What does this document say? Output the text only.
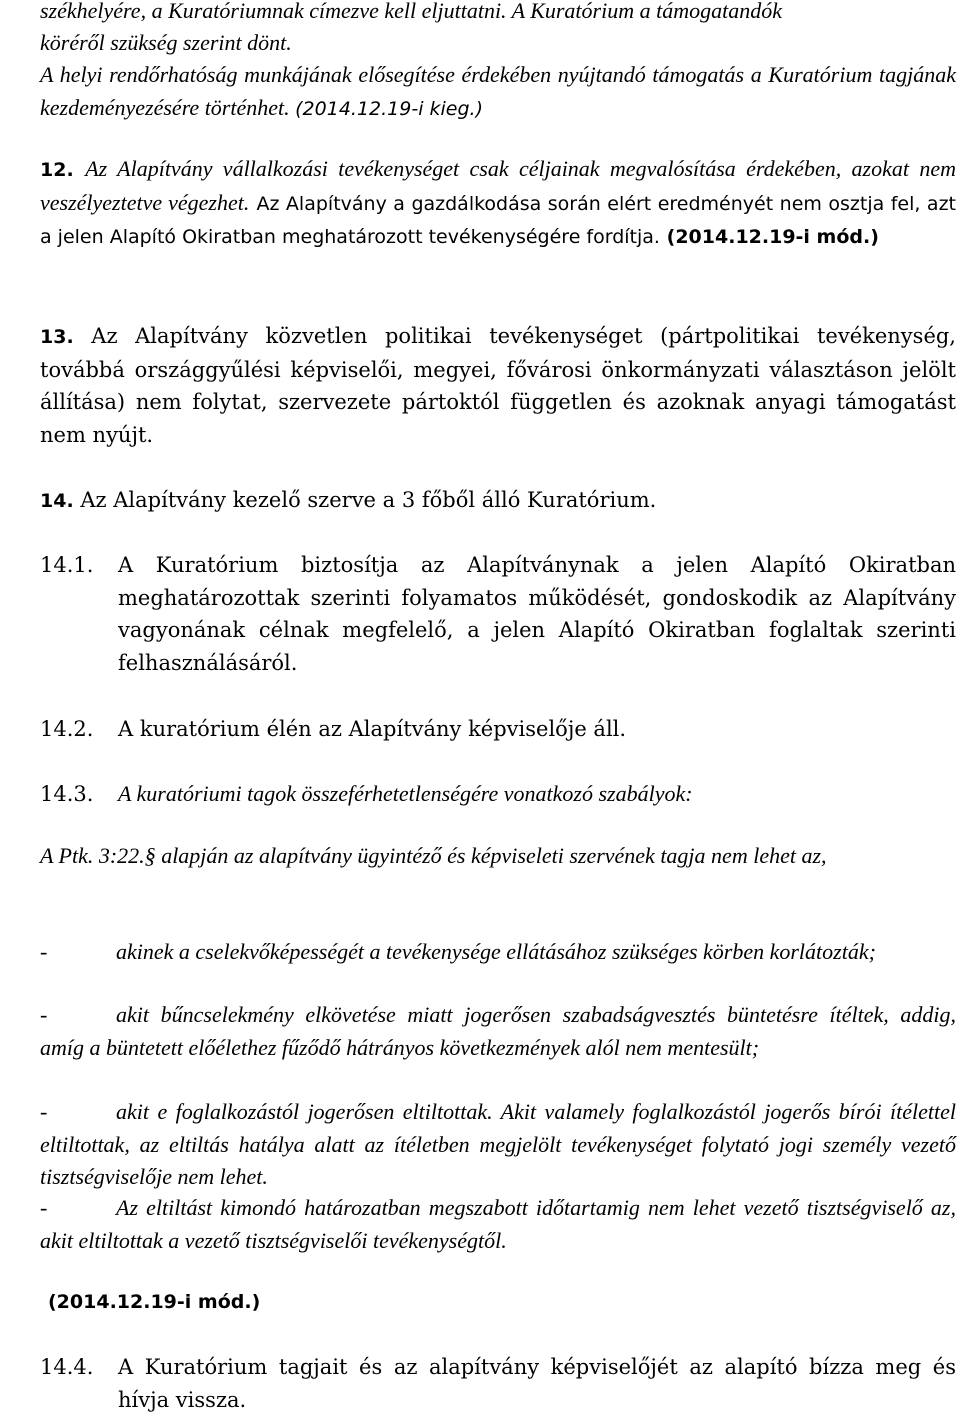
székhelyére, a Kuratóriumnak címezve kell eljuttatni. A Kuratórium a támogatandók
köréről szükség szerint dönt.
A helyi rendőrhatóság munkájának elősegítése érdekében nyújtandó támogatás a Kuratórium tagjának kezdeményezésére történhet. (2014.12.19-i kieg.)
12. Az Alapítvány vállalkozási tevékenységet csak céljainak megvalósítása érdekében, azokat nem veszélyeztetve végezhet. Az Alapítvány a gazdálkodása során elért eredményét nem osztja fel, azt a jelen Alapító Okiratban meghatározott tevékenységére fordítja. (2014.12.19-i mód.)
13. Az Alapítvány közvetlen politikai tevékenységet (pártpolitikai tevékenység, továbbá országgyűlési képviselői, megyei, fővárosi önkormányzati választáson jelölt állítása) nem folytat, szervezete pártoktól független és azoknak anyagi támogatást nem nyújt.
14. Az Alapítvány kezelő szerve a 3 főből álló Kuratórium.
14.1.	A Kuratórium biztosítja az Alapítványnak a jelen Alapító Okiratban meghatározottak szerinti folyamatos működését, gondoskodik az Alapítvány vagyonának célnak megfelelő, a jelen Alapító Okiratban foglaltak szerinti felhasználásáról.
14.2.	A kuratórium élén az Alapítvány képviselője áll.
14.3.	A kuratóriumi tagok összeférhetetlenségére vonatkozó szabályok:
A Ptk. 3:22.§ alapján az alapítvány ügyintéző és képviseleti szervének tagja nem lehet az,
-	akinek a cselekvőképességét a tevékenysége ellátásához szükséges körben korlátozták;
-	akit bűncselekmény elkövetése miatt jogerősen szabadságvesztés büntetésre ítéltek, addig, amíg a büntetett előélethez fűződő hátrányos következmények alól nem mentesült;
-	akit e foglalkozástól jogerősen eltiltottak. Akit valamely foglalkozástól jogerős bírói ítélettel eltiltottak, az eltiltás hatálya alatt az ítéletben megjelölt tevékenységet folytató jogi személy vezető tisztségviselője nem lehet.
-	Az eltiltást kimondó határozatban megszabott időtartamig nem lehet vezető tisztségviselő az, akit eltiltottak a vezető tisztségviselői tevékenységtől.
(2014.12.19-i mód.)
14.4.	A Kuratórium tagjait és az alapítvány képviselőjét az alapító bízza meg és hívja vissza.
